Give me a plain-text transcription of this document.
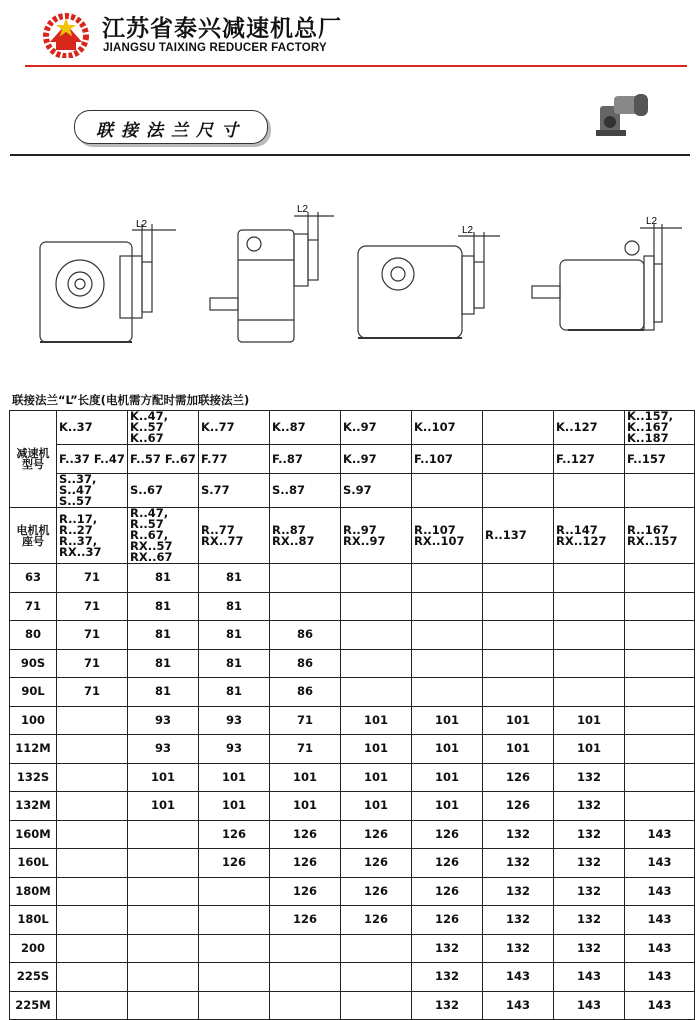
江苏省泰兴减速机总厂
JIANGSU TAIXING REDUCER FACTORY
联接法兰尺寸
L2
L2
L2
L2
联接法兰“L”长度(电机需方配时需加联接法兰)
减速机型号	K..37	K..47, K..57 K..67	K..77	K..87	K..97	K..107		K..127	K..157, K..167 K..187
	F..37 F..47	F..57 F..67	F.77	F..87	K..97	F..107		F..127	F..157
	S..37, S..47 S..57	S..67	S.77	S..87	S.97				
电机机座号	R..17, R..27 R..37, RX..37	R..47, R..57 R..67, RX..57 RX..67	R..77 RX..77	R..87 RX..87	R..97 RX..97	R..107 RX..107	R..137	R..147 RX..127	R..167 RX..157
63	71	81	81						
71	71	81	81						
80	71	81	81	86					
90S	71	81	81	86					
90L	71	81	81	86					
100		93	93	71	101	101	101	101	
112M		93	93	71	101	101	101	101	
132S		101	101	101	101	101	126	132	
132M		101	101	101	101	101	126	132	
160M			126	126	126	126	132	132	143
160L			126	126	126	126	132	132	143
180M				126	126	126	132	132	143
180L				126	126	126	132	132	143
200						132	132	132	143
225S						132	143	143	143
225M						132	143	143	143
